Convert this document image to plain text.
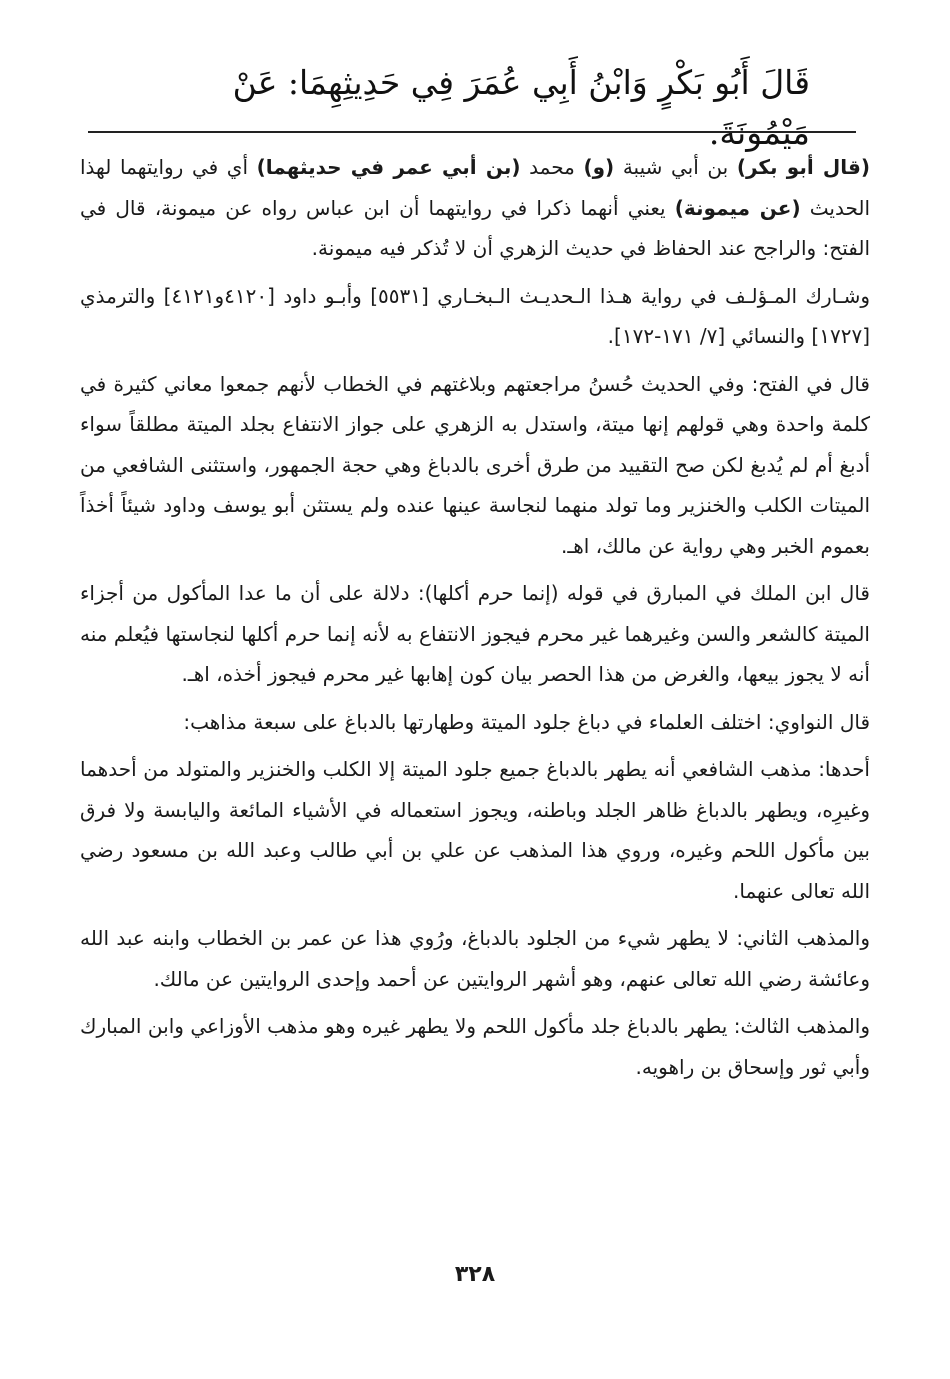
قَالَ أَبُو بَكْرٍ وَابْنُ أَبِي عُمَرَ فِي حَدِيثِهِمَا: عَنْ مَيْمُونَةَ.

(قال أبو بكر) بن أبي شيبة (و) محمد (بن أبي عمر في حديثهما) أي في روايتهما لهذا الحديث (عن ميمونة) يعني أنهما ذكرا في روايتهما أن ابن عباس رواه عن ميمونة، قال في الفتح: والراجح عند الحفاظ في حديث الزهري أن لا تُذكر فيه ميمونة.

وشـارك المـؤلـف في رواية هـذا الـحديـث الـبخـاري [٥٥٣١] وأبـو داود [٤١٢٠و٤١٢١] والترمذي [١٧٢٧] والنسائي [٧/ ١٧١-١٧٢].

قال في الفتح: وفي الحديث حُسنُ مراجعتهم وبلاغتهم في الخطاب لأنهم جمعوا معاني كثيرة في كلمة واحدة وهي قولهم إنها ميتة، واستدل به الزهري على جواز الانتفاع بجلد الميتة مطلقاً سواء أدبغ أم لم يُدبغ لكن صح التقييد من طرق أخرى بالدباغ وهي حجة الجمهور، واستثنى الشافعي من الميتات الكلب والخنزير وما تولد منهما لنجاسة عينها عنده ولم يستثن أبو يوسف وداود شيئاً أخذاً بعموم الخبر وهي رواية عن مالك، اهـ.

قال ابن الملك في المبارق في قوله (إنما حرم أكلها): دلالة على أن ما عدا المأكول من أجزاء الميتة كالشعر والسن وغيرهما غير محرم فيجوز الانتفاع به لأنه إنما حرم أكلها لنجاستها فيُعلم منه أنه لا يجوز بيعها، والغرض من هذا الحصر بيان كون إهابها غير محرم فيجوز أخذه، اهـ.

قال النواوي: اختلف العلماء في دباغ جلود الميتة وطهارتها بالدباغ على سبعة مذاهب:

أحدها: مذهب الشافعي أنه يطهر بالدباغ جميع جلود الميتة إلا الكلب والخنزير والمتولد من أحدهما وغيرِه، ويطهر بالدباغ ظاهر الجلد وباطنه، ويجوز استعماله في الأشياء المائعة واليابسة ولا فرق بين مأكول اللحم وغيره، وروي هذا المذهب عن علي بن أبي طالب وعبد الله بن مسعود رضي الله تعالى عنهما.

والمذهب الثاني: لا يطهر شيء من الجلود بالدباغ، ورُوي هذا عن عمر بن الخطاب وابنه عبد الله وعائشة رضي الله تعالى عنهم، وهو أشهر الروايتين عن أحمد وإحدى الروايتين عن مالك.

والمذهب الثالث: يطهر بالدباغ جلد مأكول اللحم ولا يطهر غيره وهو مذهب الأوزاعي وابن المبارك وأبي ثور وإسحاق بن راهويه.

٣٢٨
